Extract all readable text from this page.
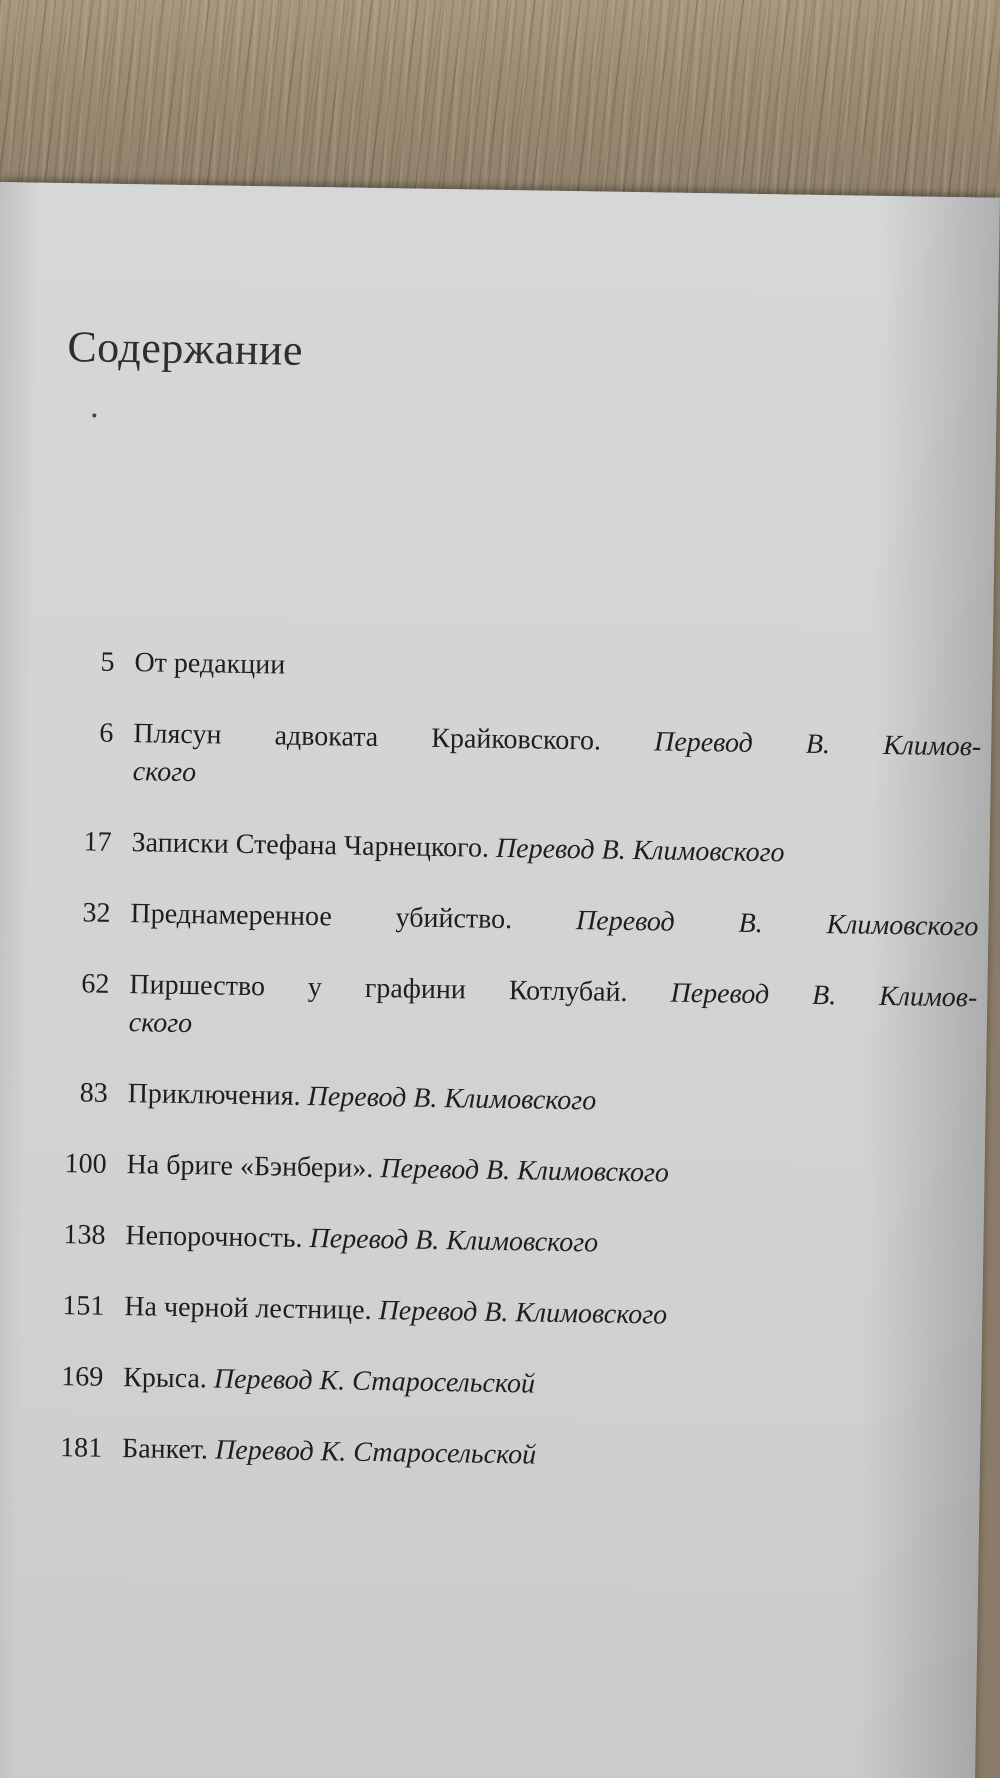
Содержание
5 От редакции
6 Плясун адвоката Крайковского. Перевод В. Климов-
ского
17 Записки Стефана Чарнецкого. Перевод В. Климовского
32 Преднамеренное убийство. Перевод В. Климовского
62 Пиршество у графини Котлубай. Перевод В. Климов-
ского
83 Приключения. Перевод В. Климовского
100 На бриге «Бэнбери». Перевод В. Климовского
138 Непорочность. Перевод В. Климовского
151 На черной лестнице. Перевод В. Климовского
169 Крыса. Перевод К. Старосельской
181 Банкет. Перевод К. Старосельской
